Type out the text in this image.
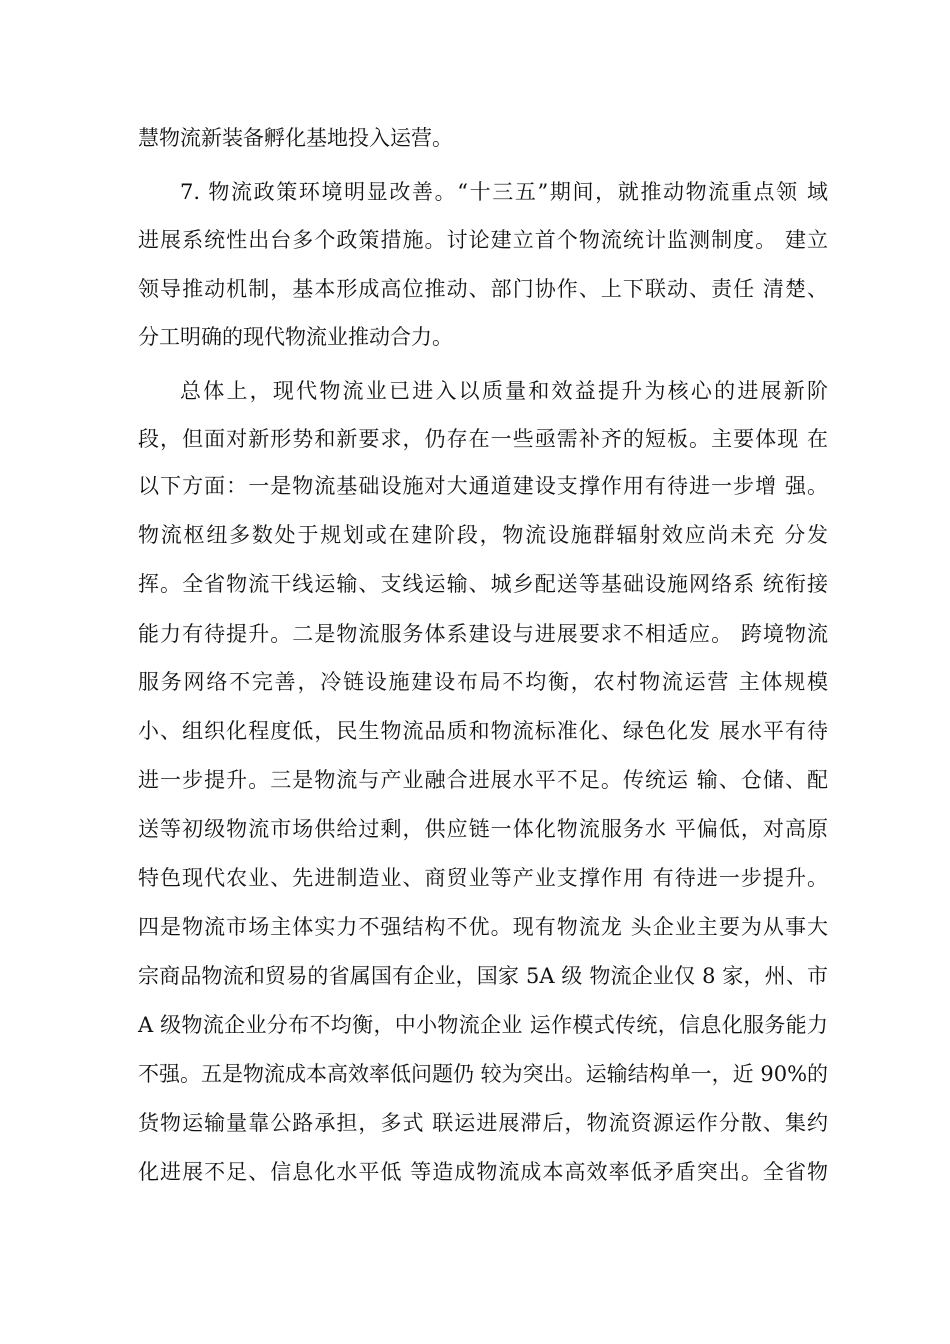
慧物流新装备孵化基地投入运营。
7. 物流政策环境明显改善。“十三五”期间，就推动物流重点领 域
进展系统性出台多个政策措施。讨论建立首个物流统计监测制度。 建立
领导推动机制，基本形成高位推动、部门协作、上下联动、责任 清楚、
分工明确的现代物流业推动合力。
总体上，现代物流业已进入以质量和效益提升为核心的进展新阶
段，但面对新形势和新要求，仍存在一些亟需补齐的短板。主要体现 在
以下方面：一是物流基础设施对大通道建设支撑作用有待进一步增 强。
物流枢纽多数处于规划或在建阶段，物流设施群辐射效应尚未充 分发
挥。全省物流干线运输、支线运输、城乡配送等基础设施网络系 统衔接
能力有待提升。二是物流服务体系建设与进展要求不相适应。 跨境物流
服务网络不完善，冷链设施建设布局不均衡，农村物流运营 主体规模
小、组织化程度低，民生物流品质和物流标准化、绿色化发 展水平有待
进一步提升。三是物流与产业融合进展水平不足。传统运 输、仓储、配
送等初级物流市场供给过剩，供应链一体化物流服务水 平偏低，对高原
特色现代农业、先进制造业、商贸业等产业支撑作用 有待进一步提升。
四是物流市场主体实力不强结构不优。现有物流龙 头企业主要为从事大
宗商品物流和贸易的省属国有企业，国家 5A 级 物流企业仅 8 家，州、市
A 级物流企业分布不均衡，中小物流企业 运作模式传统，信息化服务能力
不强。五是物流成本高效率低问题仍 较为突出。运输结构单一，近 90%的
货物运输量靠公路承担，多式 联运进展滞后，物流资源运作分散、集约
化进展不足、信息化水平低 等造成物流成本高效率低矛盾突出。全省物
